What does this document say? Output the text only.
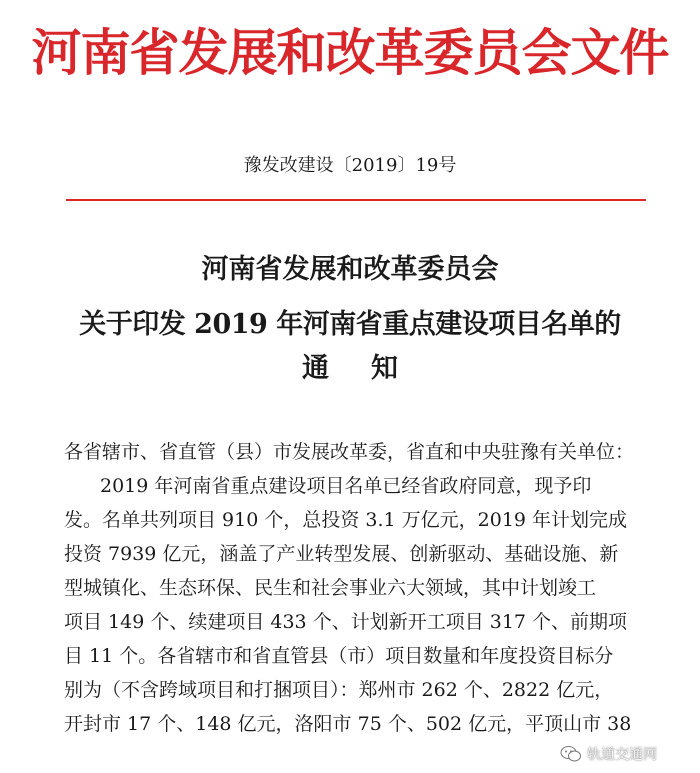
河南省发展和改革委员会文件
豫发改建设〔2019〕19号
河南省发展和改革委员会
关于印发 2019 年河南省重点建设项目名单的
通知
各省辖市、省直管（县）市发展改革委，省直和中央驻豫有关单位：
2019 年河南省重点建设项目名单已经省政府同意，现予印
发。名单共列项目 910 个，总投资 3.1 万亿元，2019 年计划完成
投资 7939 亿元，涵盖了产业转型发展、创新驱动、基础设施、新
型城镇化、生态环保、民生和社会事业六大领域，其中计划竣工
项目 149 个、续建项目 433 个、计划新开工项目 317 个、前期项
目 11 个。各省辖市和省直管县（市）项目数量和年度投资目标分
别为（不含跨域项目和打捆项目）：郑州市 262 个、2822 亿元，
开封市 17 个、148 亿元，洛阳市 75 个、502 亿元，平顶山市 38
轨道交通网
